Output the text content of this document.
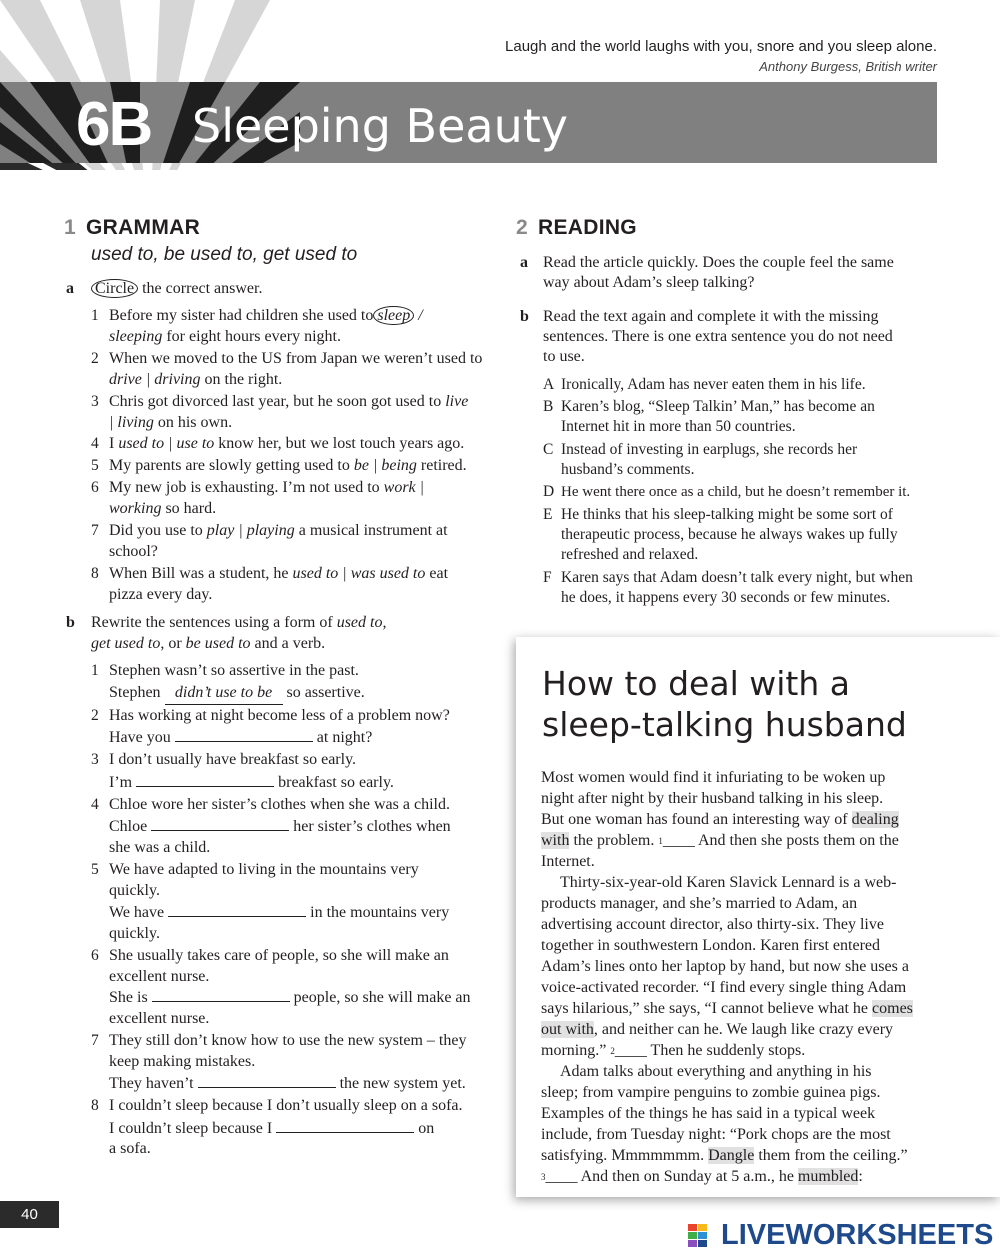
6B Sleeping Beauty
Laugh and the world laughs with you, snore and you sleep alone.
Anthony Burgess, British writer
1 GRAMMAR
used to, be used to, get used to
a Circle the correct answer.
1 Before my sister had children she used to sleep /
sleeping for eight hours every night.
2 When we moved to the US from Japan we weren’t used to drive | driving on the right.
3 Chris got divorced last year, but he soon got used to live
| living on his own.
4 I used to | use to know her, but we lost touch years ago.
5 My parents are slowly getting used to be | being retired.
6 My new job is exhausting. I’m not used to work |
working so hard.
7 Did you use to play | playing a musical instrument at school?
8 When Bill was a student, he used to | was used to eat pizza every day.
b Rewrite the sentences using a form of used to,
get used to, or be used to and a verb.
1 Stephen wasn’t so assertive in the past.
Stephen didn’t use to be so assertive.
2 Has working at night become less of a problem now?
Have you	at night?
3 I don’t usually have breakfast so early.
I’m	breakfast so early.
4 Chloe wore her sister’s clothes when she was a child.
Chloe	her sister’s clothes when
she was a child.
5 We have adapted to living in the mountains very
quickly.
We have	in the mountains very
quickly.
6 She usually takes care of people, so she will make an
excellent nurse.
She is	people, so she will make an
excellent nurse.
7 They still don’t know how to use the new system – they
keep making mistakes.
They haven’t	the new system yet.
8 I couldn’t sleep because I don’t usually sleep on a sofa.
I couldn’t sleep because I	on
a sofa.
2 READING
a Read the article quickly. Does the couple feel the same
way about Adam’s sleep talking?
b Read the text again and complete it with the missing
sentences. There is one extra sentence you do not need
to use.
A Ironically, Adam has never eaten them in his life.
B Karen’s blog, “Sleep Talkin’ Man,” has become an
Internet hit in more than 50 countries.
C Instead of investing in earplugs, she records her
husband’s comments.
D He went there once as a child, but he doesn’t remember it.
E He thinks that his sleep-talking might be some sort of
therapeutic process, because he always wakes up fully
refreshed and relaxed.
F Karen says that Adam doesn’t talk every night, but when
he does, it happens every 30 seconds or few minutes.
How to deal with a
sleep-talking husband
Most women would find it infuriating to be woken up
night after night by their husband talking in his sleep.
But one woman has found an interesting way of dealing
with the problem. $^1$____ And then she posts them on the
Internet.
Thirty-six-year-old Karen Slavick Lennard is a web-
products manager, and she’s married to Adam, an
advertising account director, also thirty-six. They live
together in southwestern London. Karen first entered
Adam’s lines onto her laptop by hand, but now she uses a
voice-activated recorder. “I find every single thing Adam
says hilarious,” she says, “I cannot believe what he comes
out with, and neither can he. We laugh like crazy every
morning.” $^2$____ Then he suddenly stops.
Adam talks about everything and anything in his
sleep; from vampire penguins to zombie guinea pigs.
Examples of the things he has said in a typical week
include, from Tuesday night: “Pork chops are the most
satisfying. Mmmmmmm. Dangle them from the ceiling.”
$^3$____ And then on Sunday at 5 a.m., he mumbled:
40
LIVEWORKSHEETS
